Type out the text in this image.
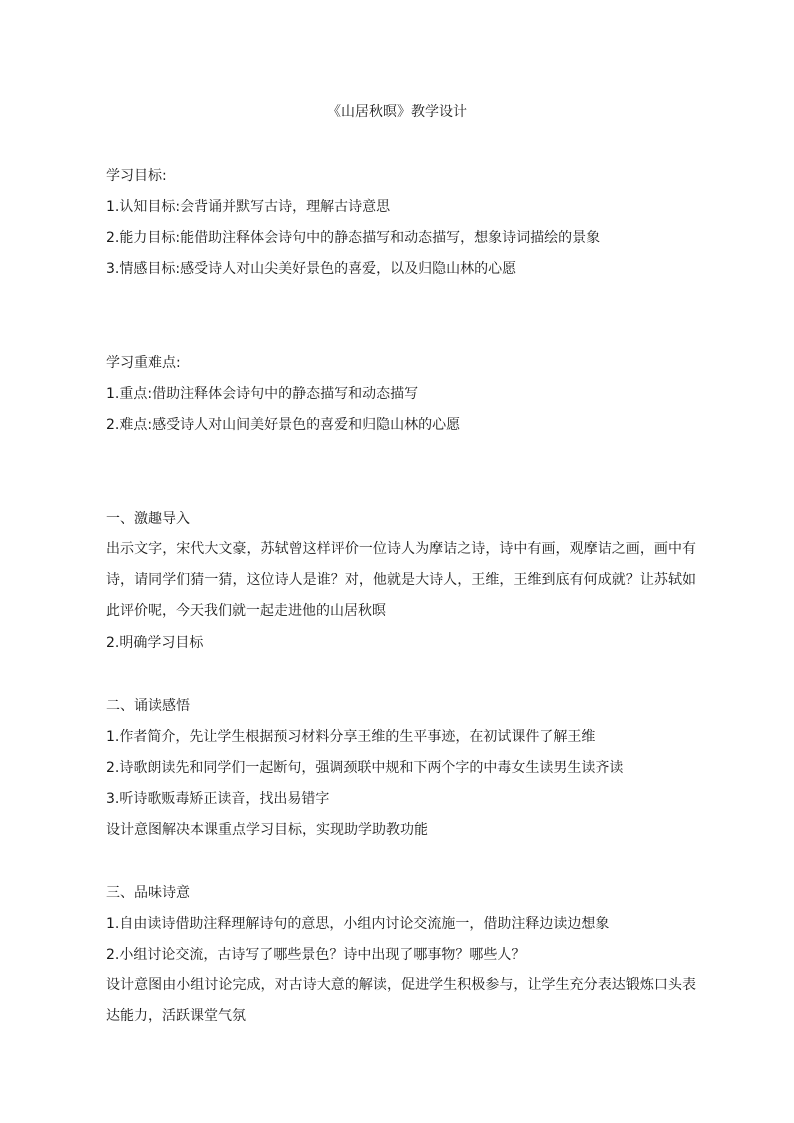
《山居秋暝》教学设计
学习目标:
1.认知目标:会背诵并默写古诗，理解古诗意思
2.能力目标:能借助注释体会诗句中的静态描写和动态描写，想象诗词描绘的景象
3.情感目标:感受诗人对山尖美好景色的喜爱，以及归隐山林的心愿
学习重难点:
1.重点:借助注释体会诗句中的静态描写和动态描写
2.难点:感受诗人对山间美好景色的喜爱和归隐山林的心愿
一、激趣导入
出示文字，宋代大文豪，苏轼曾这样评价一位诗人为摩诘之诗，诗中有画，观摩诘之画，画中有诗，请同学们猜一猜，这位诗人是谁？对，他就是大诗人，王维，王维到底有何成就？让苏轼如此评价呢，今天我们就一起走进他的山居秋暝
2.明确学习目标
二、诵读感悟
1.作者简介，先让学生根据预习材料分享王维的生平事迹，在初试课件了解王维
2.诗歌朗读先和同学们一起断句，强调颈联中规和下两个字的中毒女生读男生读齐读
3.听诗歌贩毒矫正读音，找出易错字
设计意图解决本课重点学习目标，实现助学助教功能
三、品味诗意
1.自由读诗借助注释理解诗句的意思，小组内讨论交流施一，借助注释边读边想象
2.小组讨论交流，古诗写了哪些景色？诗中出现了哪事物？哪些人？
设计意图由小组讨论完成，对古诗大意的解读，促进学生积极参与，让学生充分表达锻炼口头表达能力，活跃课堂气氛
